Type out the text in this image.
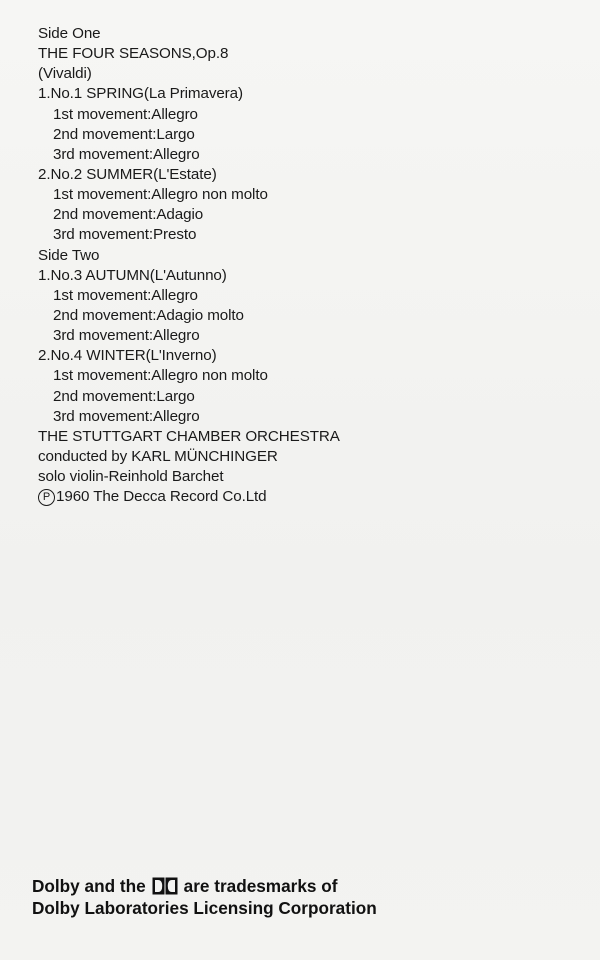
Side One
THE FOUR SEASONS,Op.8
(Vivaldi)
1.No.1 SPRING(La Primavera)
1st movement:Allegro
2nd movement:Largo
3rd movement:Allegro
2.No.2 SUMMER(L'Estate)
1st movement:Allegro non molto
2nd movement:Adagio
3rd movement:Presto
Side Two
1.No.3 AUTUMN(L'Autunno)
1st movement:Allegro
2nd movement:Adagio molto
3rd movement:Allegro
2.No.4 WINTER(L'Inverno)
1st movement:Allegro non molto
2nd movement:Largo
3rd movement:Allegro
THE STUTTGART CHAMBER ORCHESTRA
conducted by KARL MÜNCHINGER
solo violin-Reinhold Barchet
P 1960 The Decca Record Co.Ltd
Dolby and the are tradesmarks of
Dolby Laboratories Licensing Corporation
